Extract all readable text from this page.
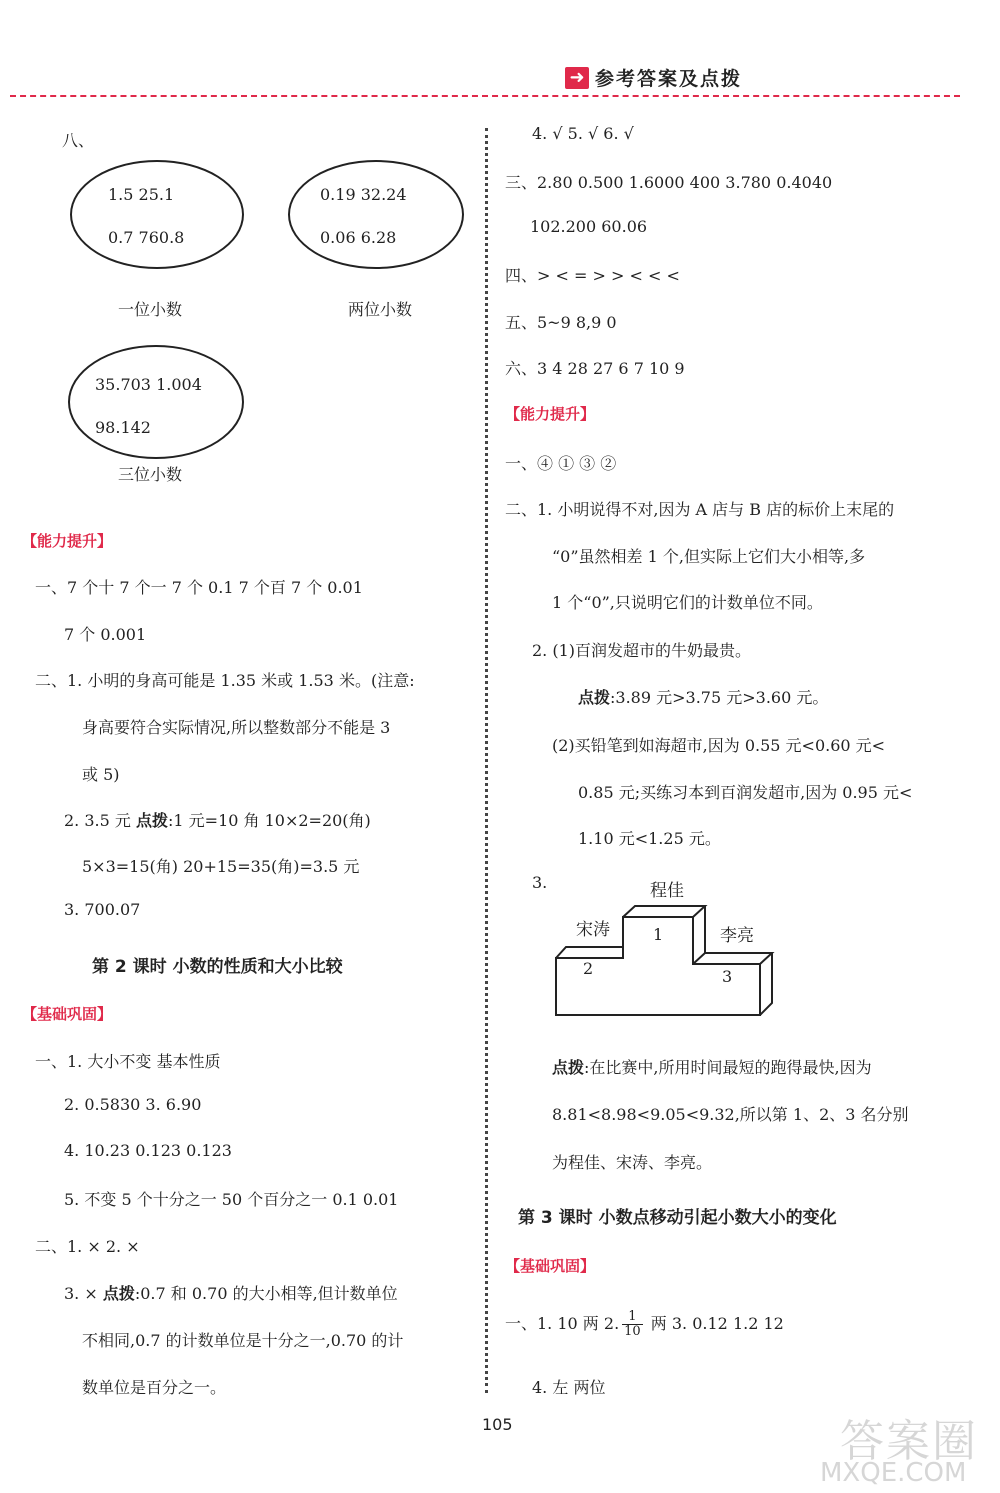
➜ 参考答案及点拨
八、
1.5 25.1
0.7 760.8
一位小数
0.19 32.24
0.06 6.28
两位小数
35.703 1.004
98.142
三位小数
【能力提升】
一、7 个十 7 个一 7 个 0.1 7 个百 7 个 0.01
7 个 0.001
二、1. 小明的身高可能是 1.35 米或 1.53 米。(注意:
身高要符合实际情况,所以整数部分不能是 3
或 5)
2. 3.5 元 点拨:1 元=10 角 10×2=20(角)
5×3=15(角) 20+15=35(角)=3.5 元
3. 700.07
第 2 课时 小数的性质和大小比较
【基础巩固】
一、1. 大小不变 基本性质
2. 0.5830 3. 6.90
4. 10.23 0.123 0.123
5. 不变 5 个十分之一 50 个百分之一 0.1 0.01
二、1. × 2. ×
3. × 点拨:0.7 和 0.70 的大小相等,但计数单位
不相同,0.7 的计数单位是十分之一,0.70 的计
数单位是百分之一。
4. √ 5. √ 6. √
三、2.80 0.500 1.6000 400 3.780 0.4040
102.200 60.06
四、> < = > > < < <
五、5~9 8,9 0
六、3 4 28 27 6 7 10 9
【能力提升】
一、④ ① ③ ②
二、1. 小明说得不对,因为 A 店与 B 店的标价上末尾的
“0”虽然相差 1 个,但实际上它们大小相等,多
1 个“0”,只说明它们的计数单位不同。
2. (1)百润发超市的牛奶最贵。
点拨:3.89 元>3.75 元>3.60 元。
(2)买铅笔到如海超市,因为 0.55 元<0.60 元<
0.85 元;买练习本到百润发超市,因为 0.95 元<
1.10 元<1.25 元。
3.	程佳
宋涛	李亮
1
2	3
点拨:在比赛中,所用时间最短的跑得最快,因为
8.81<8.98<9.05<9.32,所以第 1、2、3 名分别
为程佳、宋涛、李亮。
第 3 课时 小数点移动引起小数大小的变化
【基础巩固】
一、1. 10 两 2. $\frac{1}{10}$ 两 3. 0.12 1.2 12
4. 左 两位
105	答案圈
MXQE.COM
